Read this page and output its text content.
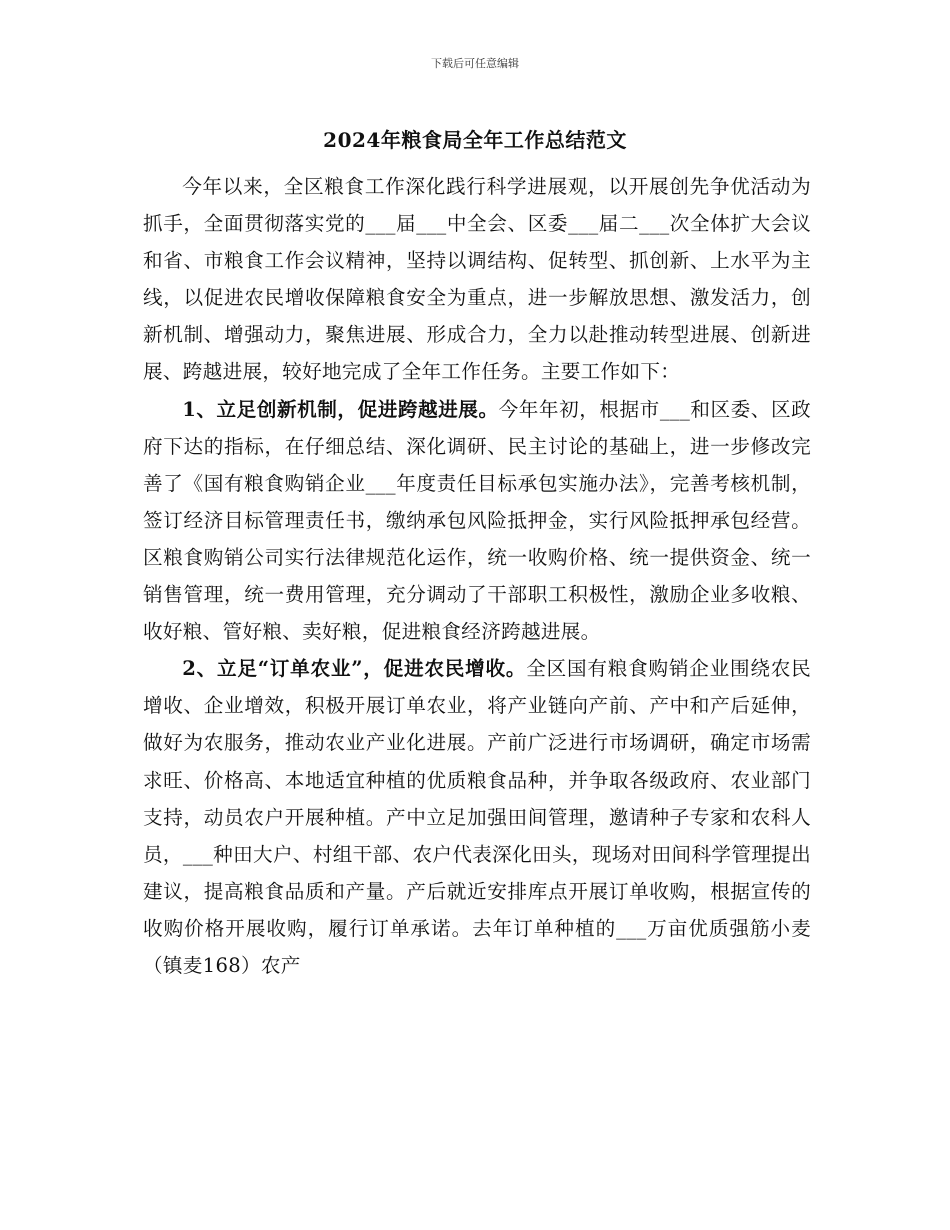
下载后可任意编辑
2024年粮食局全年工作总结范文

今年以来，全区粮食工作深化践行科学进展观，以开展创先争优活动为抓手，全面贯彻落实党的___届___中全会、区委___届二___次全体扩大会议和省、市粮食工作会议精神，坚持以调结构、促转型、抓创新、上水平为主线，以促进农民增收保障粮食安全为重点，进一步解放思想、激发活力，创新机制、增强动力，聚焦进展、形成合力，全力以赴推动转型进展、创新进展、跨越进展，较好地完成了全年工作任务。主要工作如下：

1、立足创新机制，促进跨越进展。今年年初，根据市___和区委、区政府下达的指标，在仔细总结、深化调研、民主讨论的基础上，进一步修改完善了《国有粮食购销企业___年度责任目标承包实施办法》，完善考核机制，签订经济目标管理责任书，缴纳承包风险抵押金，实行风险抵押承包经营。区粮食购销公司实行法律规范化运作，统一收购价格、统一提供资金、统一销售管理，统一费用管理，充分调动了干部职工积极性，激励企业多收粮、收好粮、管好粮、卖好粮，促进粮食经济跨越进展。

2、立足“订单农业”，促进农民增收。全区国有粮食购销企业围绕农民增收、企业增效，积极开展订单农业，将产业链向产前、产中和产后延伸，做好为农服务，推动农业产业化进展。产前广泛进行市场调研，确定市场需求旺、价格高、本地适宜种植的优质粮食品种，并争取各级政府、农业部门支持，动员农户开展种植。产中立足加强田间管理，邀请种子专家和农科人员，___种田大户、村组干部、农户代表深化田头，现场对田间科学管理提出建议，提高粮食品质和产量。产后就近安排库点开展订单收购，根据宣传的收购价格开展收购，履行订单承诺。去年订单种植的___万亩优质强筋小麦（镇麦168）农产
